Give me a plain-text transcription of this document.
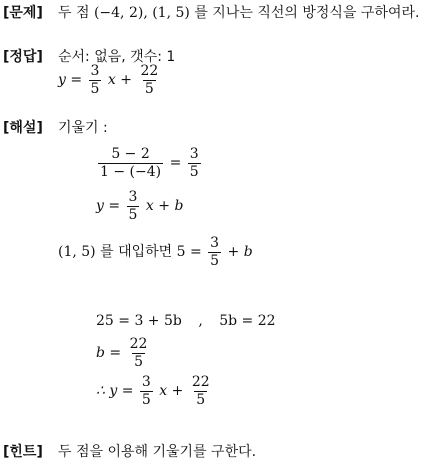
[문제] 두 점 (−4, 2), (1, 5) 를 지나는 직선의 방정식을 구하여라.
[정답] 순서: 없음, 갯수: 1
$y = \frac{3}{5}$ $x + \frac{22}{5}$
[해설] 기울기 :
$\frac{5 - 2}{1 - (-4)} = \frac{3}{5}$
$y = \frac{3}{5}$ x + b
(1, 5) 를 대입하면 $5 = \frac{3}{5} + b$
25 = 3 + 5b , 5b = 22
$b = \frac{22}{5}$
∴ $y = \frac{3}{5}$ $x + \frac{22}{5}$
[힌트] 두 점을 이용해 기울기를 구한다.
